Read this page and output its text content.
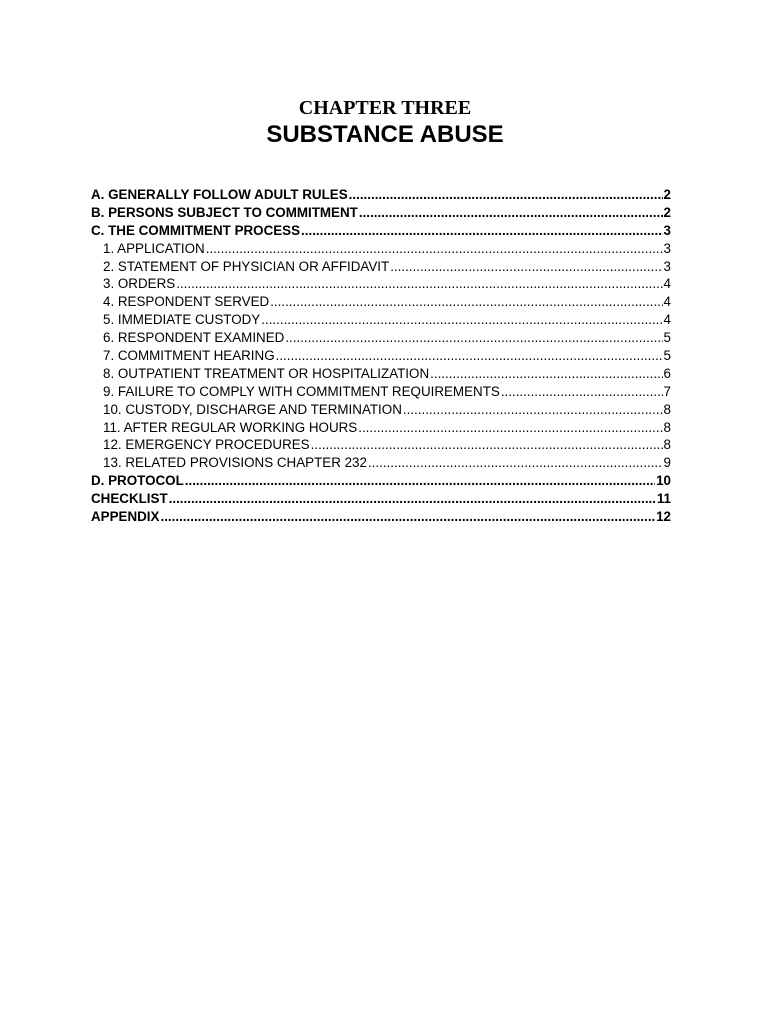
CHAPTER THREE
SUBSTANCE ABUSE
A. GENERALLY FOLLOW ADULT RULES .....	2
B. PERSONS SUBJECT TO COMMITMENT .....	2
C. THE COMMITMENT PROCESS .....	3
1. APPLICATION .....	3
2. STATEMENT OF PHYSICIAN OR AFFIDAVIT .....	3
3. ORDERS .....	4
4. RESPONDENT SERVED .....	4
5. IMMEDIATE CUSTODY .....	4
6. RESPONDENT EXAMINED .....	5
7. COMMITMENT HEARING .....	5
8. OUTPATIENT TREATMENT OR HOSPITALIZATION .....	6
9. FAILURE TO COMPLY WITH COMMITMENT REQUIREMENTS .....	7
10. CUSTODY, DISCHARGE AND TERMINATION .....	8
11. AFTER REGULAR WORKING HOURS .....	8
12. EMERGENCY PROCEDURES .....	8
13. RELATED PROVISIONS CHAPTER 232 .....	9
D. PROTOCOL .....	10
CHECKLIST .....	11
APPENDIX .....	12
